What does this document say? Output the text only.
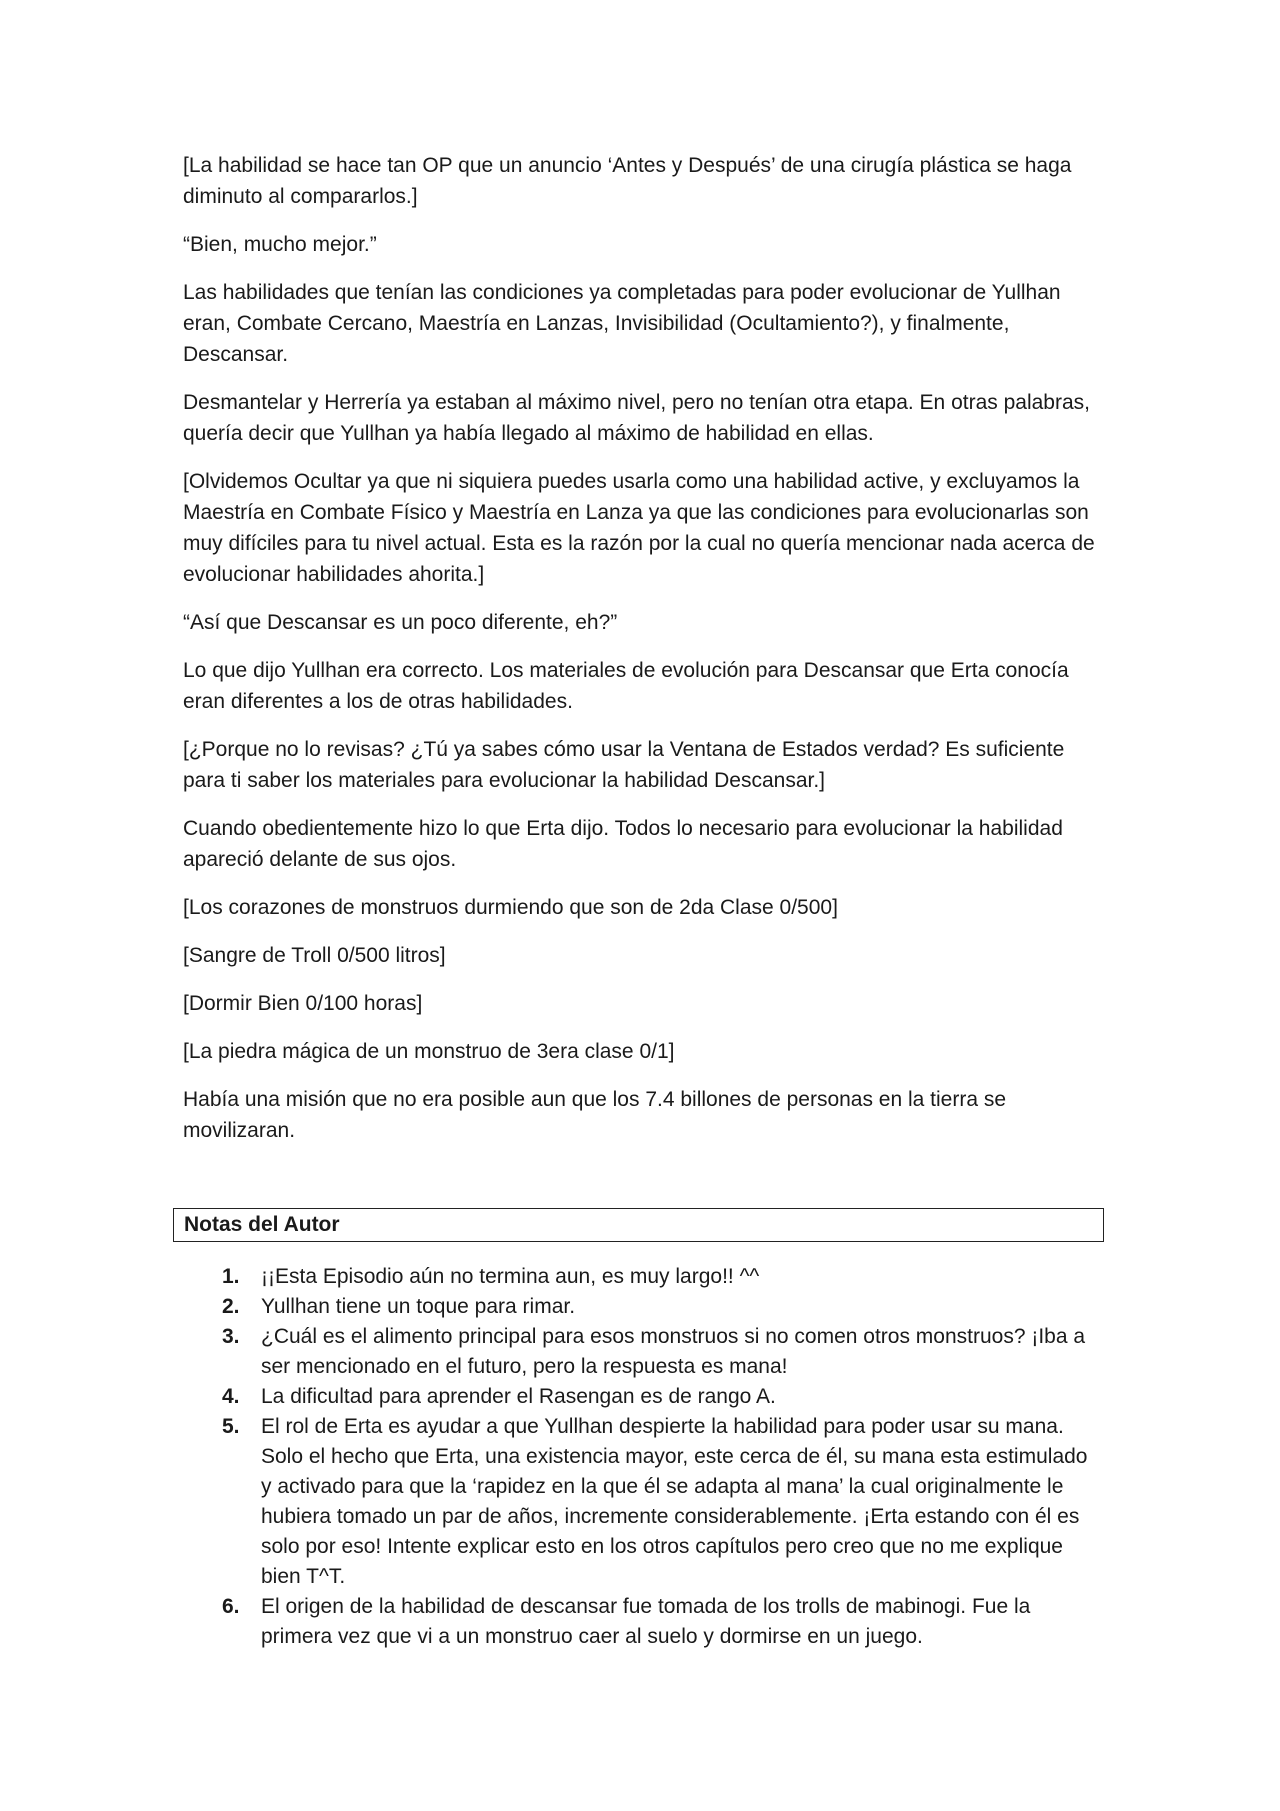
[La habilidad se hace tan OP que un anuncio ‘Antes y Después’ de una cirugía plástica se haga diminuto al compararlos.]

“Bien, mucho mejor.”

Las habilidades que tenían las condiciones ya completadas para poder evolucionar de Yullhan eran, Combate Cercano, Maestría en Lanzas, Invisibilidad (Ocultamiento?), y finalmente, Descansar.

Desmantelar y Herrería ya estaban al máximo nivel, pero no tenían otra etapa. En otras palabras, quería decir que Yullhan ya había llegado al máximo de habilidad en ellas.

[Olvidemos Ocultar ya que ni siquiera puedes usarla como una habilidad active, y excluyamos la Maestría en Combate Físico y Maestría en Lanza ya que las condiciones para evolucionarlas son muy difíciles para tu nivel actual. Esta es la razón por la cual no quería mencionar nada acerca de evolucionar habilidades ahorita.]

“Así que Descansar es un poco diferente, eh?”

Lo que dijo Yullhan era correcto. Los materiales de evolución para Descansar que Erta conocía eran diferentes a los de otras habilidades.

[¿Porque no lo revisas? ¿Tú ya sabes cómo usar la Ventana de Estados verdad? Es suficiente para ti saber los materiales para evolucionar la habilidad Descansar.]

Cuando obedientemente hizo lo que Erta dijo. Todos lo necesario para evolucionar la habilidad apareció delante de sus ojos.

[Los corazones de monstruos durmiendo que son de 2da Clase 0/500]

[Sangre de Troll 0/500 litros]

[Dormir Bien 0/100 horas]

[La piedra mágica de un monstruo de 3era clase 0/1]

Había una misión que no era posible aun que los 7.4 billones de personas en la tierra se movilizaran.

Notas del Autor
1. ¡¡Esta Episodio aún no termina aun, es muy largo!! ^^
2. Yullhan tiene un toque para rimar.
3. ¿Cuál es el alimento principal para esos monstruos si no comen otros monstruos? ¡Iba a ser mencionado en el futuro, pero la respuesta es mana!
4. La dificultad para aprender el Rasengan es de rango A.
5. El rol de Erta es ayudar a que Yullhan despierte la habilidad para poder usar su mana. Solo el hecho que Erta, una existencia mayor, este cerca de él, su mana esta estimulado y activado para que la ‘rapidez en la que él se adapta al mana’ la cual originalmente le hubiera tomado un par de años, incremente considerablemente. ¡Erta estando con él es solo por eso! Intente explicar esto en los otros capítulos pero creo que no me explique bien T^T.
6. El origen de la habilidad de descansar fue tomada de los trolls de mabinogi. Fue la primera vez que vi a un monstruo caer al suelo y dormirse en un juego.
